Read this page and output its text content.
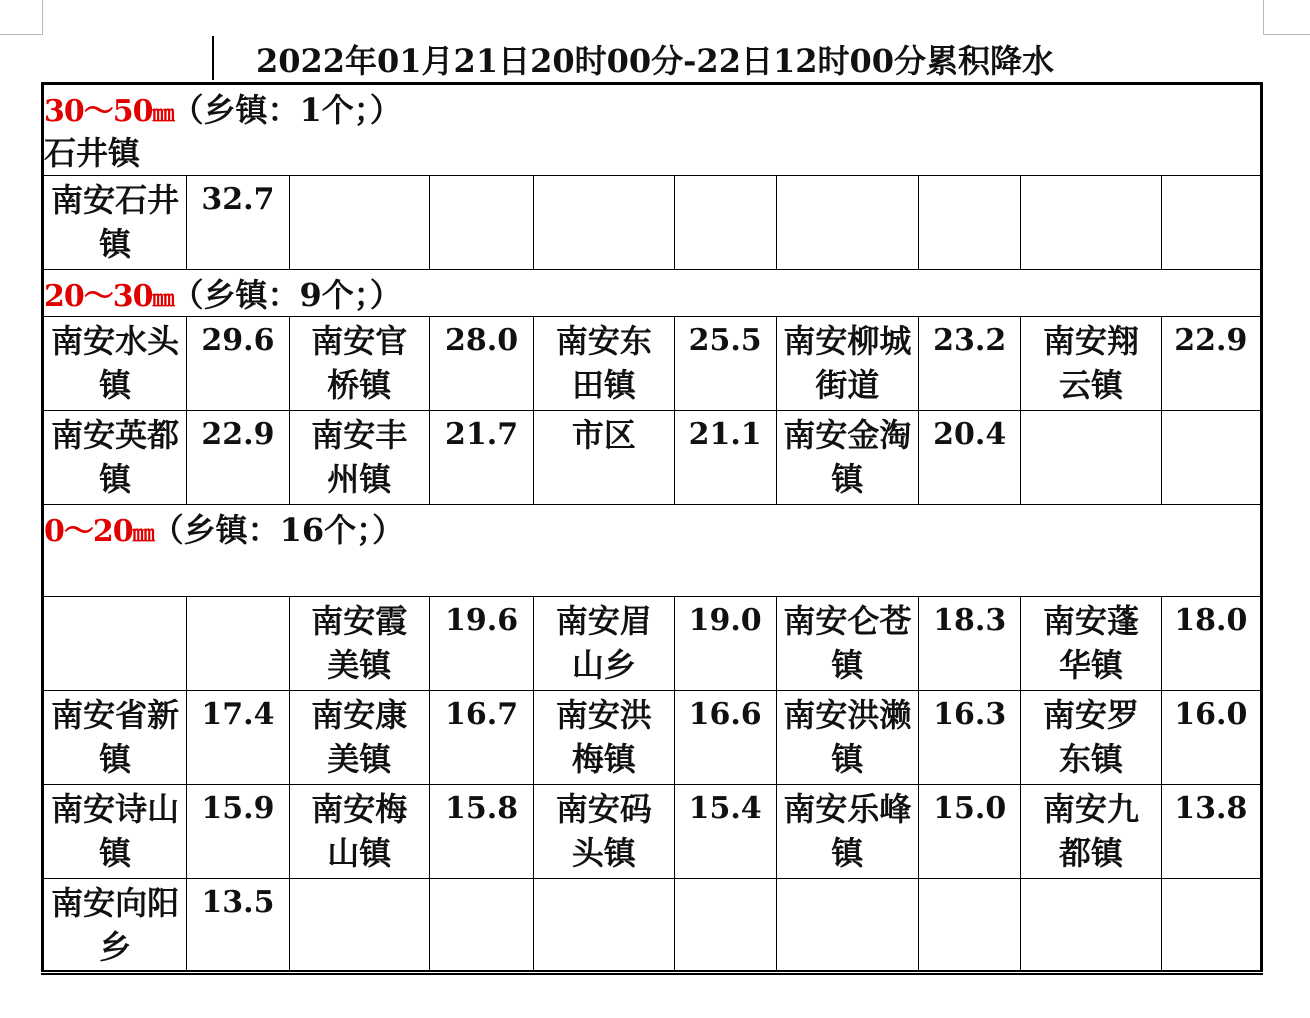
2022年01月21日20时00分-22日12时00分累积降水
30～50㎜（乡镇：1个；）
石井镇									

南安石井镇	32.7								

20～30㎜（乡镇：9个；）									

南安水头镇	29.6	南安官桥镇	28.0	南安东田镇	25.5	南安柳城街道	23.2	南安翔云镇	22.9

南安英都镇	22.9	南安丰州镇	21.7	市区	21.1	南安金淘镇	20.4		

0～20㎜（乡镇：16个；）									

		南安霞美镇	19.6	南安眉山乡	19.0	南安仑苍镇	18.3	南安蓬华镇	18.0

南安省新镇	17.4	南安康美镇	16.7	南安洪梅镇	16.6	南安洪濑镇	16.3	南安罗东镇	16.0

南安诗山镇	15.9	南安梅山镇	15.8	南安码头镇	15.4	南安乐峰镇	15.0	南安九都镇	13.8

南安向阳乡	13.5								
